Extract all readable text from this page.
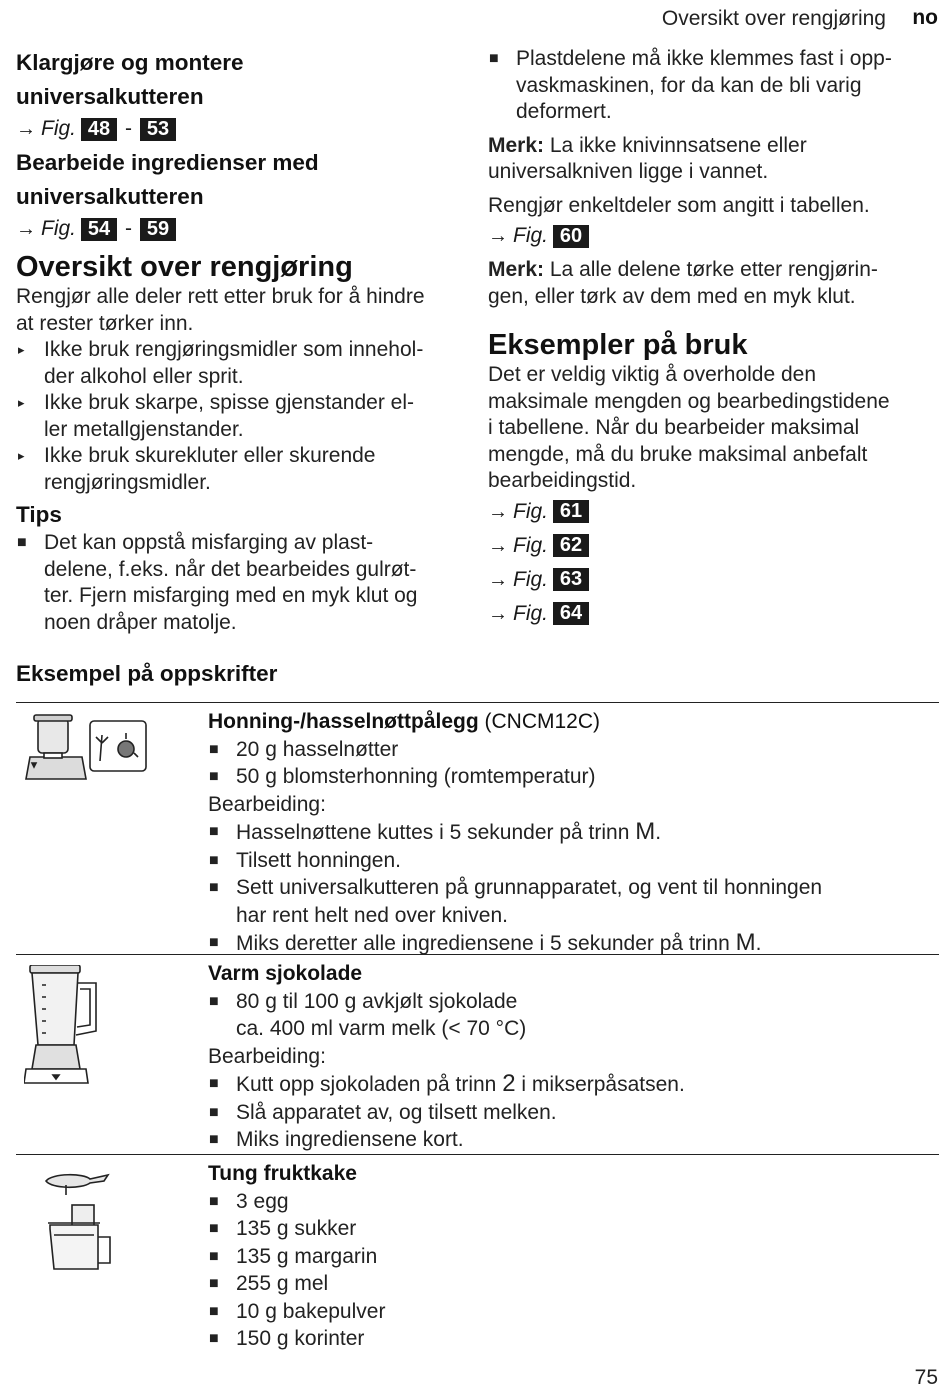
Oversikt over rengjøring no
Klargjøre og montere
universalkutteren
→ Fig. 48 - 53
Bearbeide ingredienser med
universalkutteren
→ Fig. 54 - 59
Oversikt over rengjøring
Rengjør alle deler rett etter bruk for å hindre
at rester tørker inn.
▸ Ikke bruk rengjøringsmidler som innehol-
der alkohol eller sprit.
▸ Ikke bruk skarpe, spisse gjenstander el-
ler metallgjenstander.
▸ Ikke bruk skurekluter eller skurende
rengjøringsmidler.
Tips
■ Det kan oppstå misfarging av plast-
delene, f.eks. når det bearbeides gulrøt-
ter. Fjern misfarging med en myk klut og
noen dråper matolje.
■ Plastdelene må ikke klemmes fast i opp-
vaskmaskinen, for da kan de bli varig
deformert.
Merk: La ikke knivinnsatsene eller
universalkniven ligge i vannet.
Rengjør enkeltdeler som angitt i tabellen.
→ Fig. 60
Merk: La alle delene tørke etter rengjørin-
gen, eller tørk av dem med en myk klut.
Eksempler på bruk
Det er veldig viktig å overholde den
maksimale mengden og bearbedingstidene
i tabellene. Når du bearbeider maksimal
mengde, må du bruke maksimal anbefalt
bearbeidingstid.
→ Fig. 61
→ Fig. 62
→ Fig. 63
→ Fig. 64
Eksempel på oppskrifter
Honning-/hasselnøttpålegg (CNCM12C)
■ 20 g hasselnøtter
■ 50 g blomsterhonning (romtemperatur)
Bearbeiding:
■ Hasselnøttene kuttes i 5 sekunder på trinn M.
■ Tilsett honningen.
■ Sett universalkutteren på grunnapparatet, og vent til honningen
har rent helt ned over kniven.
■ Miks deretter alle ingrediensene i 5 sekunder på trinn M.
Varm sjokolade
■ 80 g til 100 g avkjølt sjokolade
ca. 400 ml varm melk (< 70 °C)
Bearbeiding:
■ Kutt opp sjokoladen på trinn 2 i mikserpåsatsen.
■ Slå apparatet av, og tilsett melken.
■ Miks ingrediensene kort.
Tung fruktkake
■ 3 egg
■ 135 g sukker
■ 135 g margarin
■ 255 g mel
■ 10 g bakepulver
■ 150 g korinter
75
